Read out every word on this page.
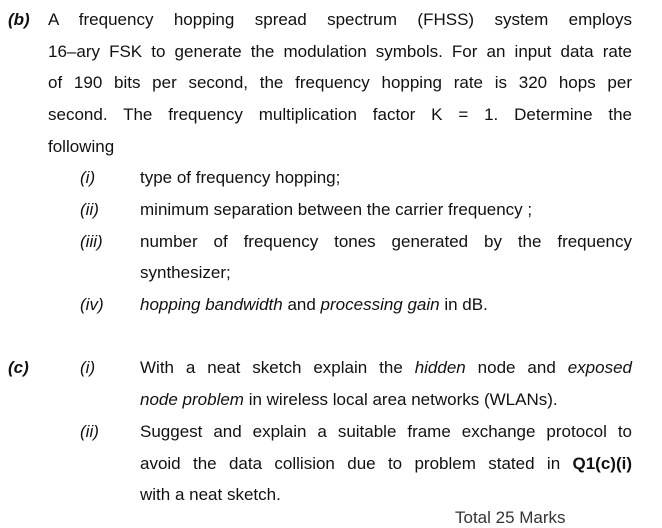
(b) A frequency hopping spread spectrum (FHSS) system employs
16–ary FSK to generate the modulation symbols. For an input data rate
of 190 bits per second, the frequency hopping rate is 320 hops per
second. The frequency multiplication factor K = 1. Determine the
following
(i)	type of frequency hopping;
(ii) minimum separation between the carrier frequency ;
(iii) number of frequency tones generated by the frequency
synthesizer;
(iv) hopping bandwidth and processing gain in dB.
(c)	(i)	With a neat sketch explain the hidden node and exposed
node problem in wireless local area networks (WLANs).
(ii) Suggest and explain a suitable frame exchange protocol to
avoid the data collision due to problem stated in Q1(c)(i)
with a neat sketch.
Total 25 Marks
